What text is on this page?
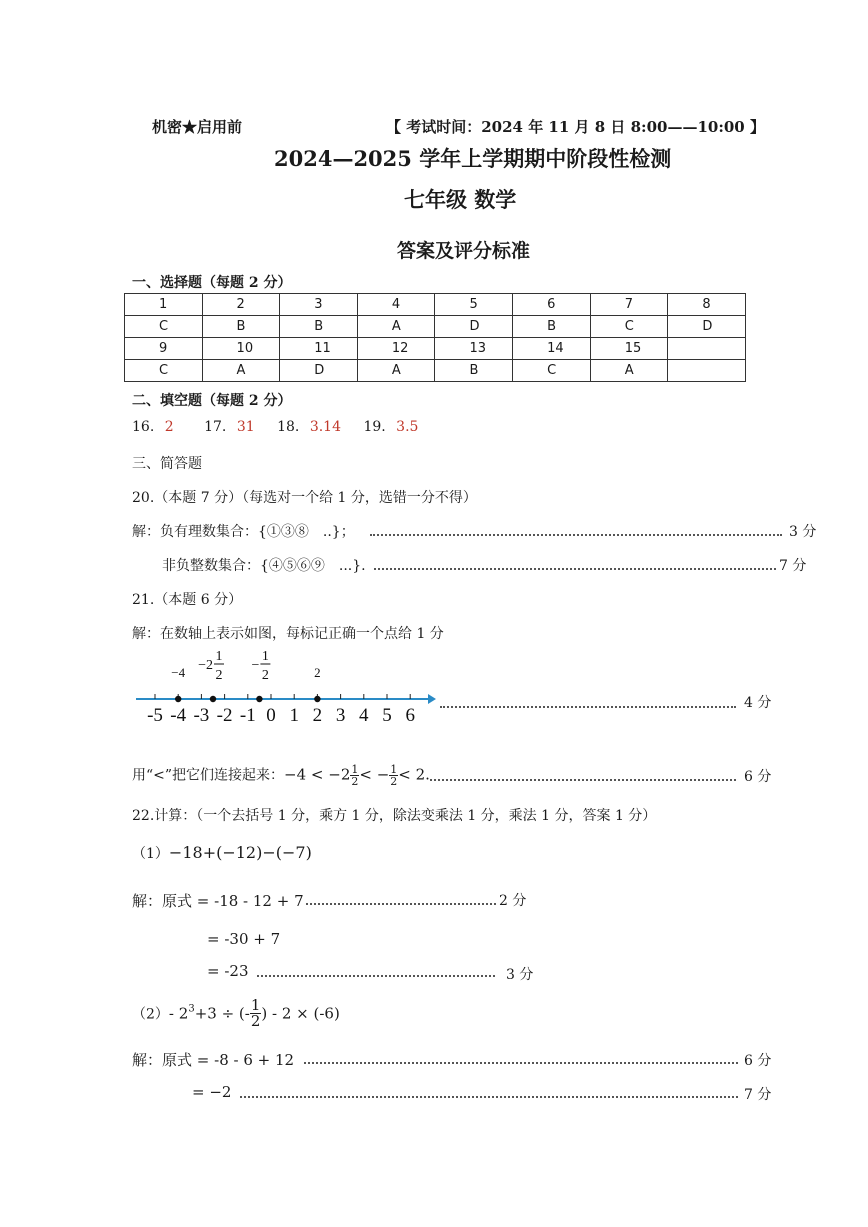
机密★启用前	【 考试时间：2024 年 11 月 8 日 8:00——10:00 】
2024—2025 学年上学期期中阶段性检测
七年级 数学
答案及评分标准
一、选择题（每题 2 分）
1	2	3	4	5	6	7	8
C	B	B	A	D	B	C	D
9	10	11	12	13	14	15	
C	A	D	A	B	C	A	
二、填空题（每题 2 分）
16. 2 17. 31 18. 3.14 19. 3.5
三、简答题
20.（本题 7 分）（每选对一个给 1 分，选错一分不得）
解：负有理数集合：{①③⑧　..}；	3 分
非负整数集合：{④⑤⑥⑨　...}.	7 分
21.（本题 6 分）
解：在数轴上表示如图，每标记正确一个点给 1 分
-5 -4 -3 -2 -1 0 1 2 3 4 5 6
−4 −2
1
2
−
1
2	2
4 分
用“<”把它们连接起来：$-4 < -2 \frac{1}{2}$ < − $\frac{1}{2} < 2$.	6 分
22.计算：（一个去括号 1 分，乘方 1 分，除法变乘法 1 分，乘法 1 分，答案 1 分）
（1）−18+(−12)−(−7)
解：原式 = -18 - 12 + 7	2 分
= -30 + 7
= -23	3 分
（2）- $2^3+3$ ÷ (- $\frac{1}{2}$ ) - 2 × (-6)
解：原式 = -8 - 6 + 12	6 分
= −2	7 分
